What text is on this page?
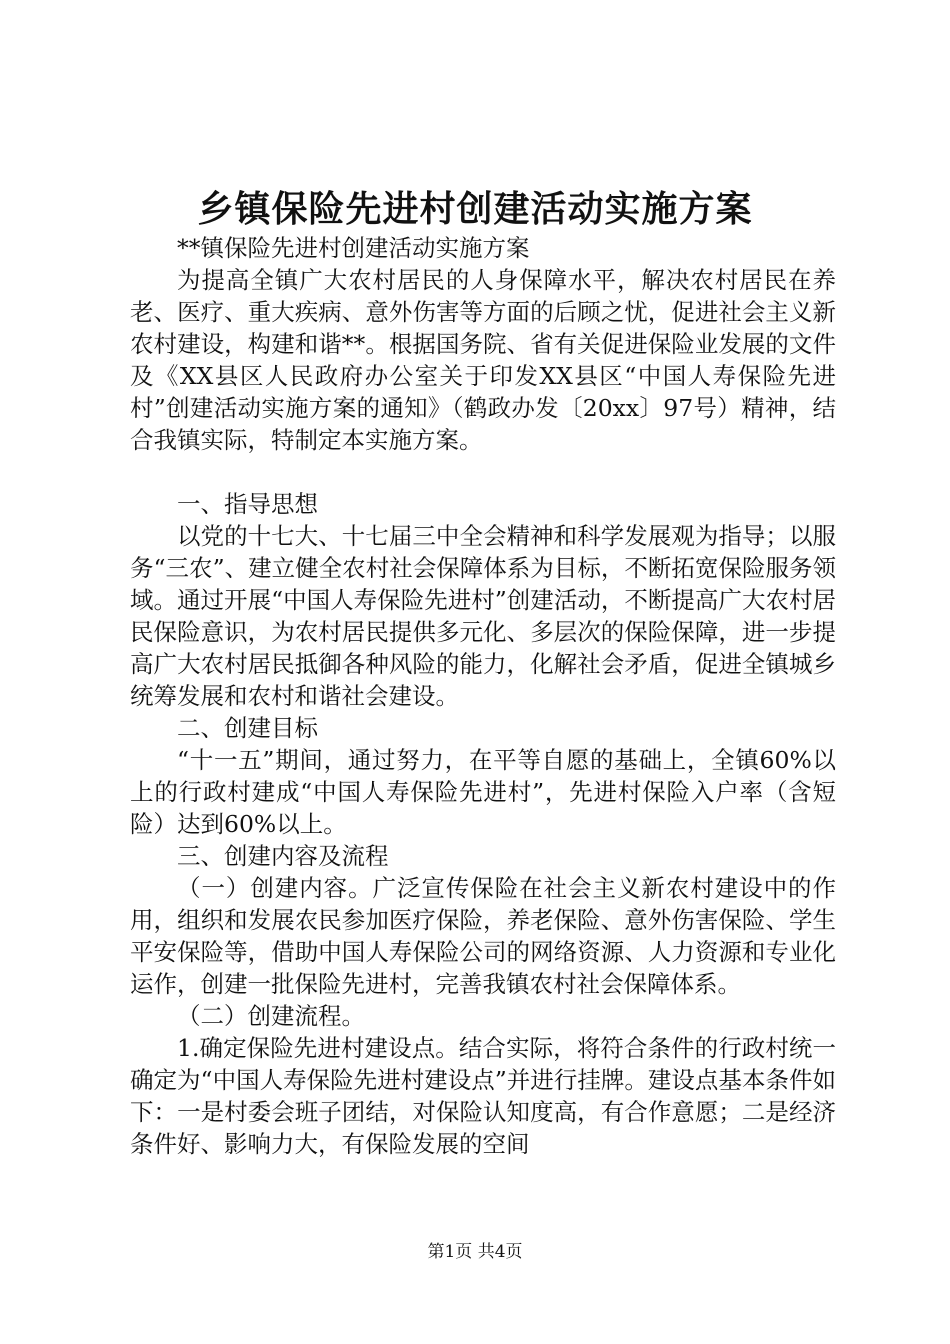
乡镇保险先进村创建活动实施方案

**镇保险先进村创建活动实施方案

为提高全镇广大农村居民的人身保障水平，解决农村居民在养老、医疗、重大疾病、意外伤害等方面的后顾之忧，促进社会主义新农村建设，构建和谐**。根据国务院、省有关促进保险业发展的文件及《XX县区人民政府办公室关于印发XX县区“中国人寿保险先进村”创建活动实施方案的通知》（鹤政办发〔20xx〕97号）精神，结合我镇实际，特制定本实施方案。

一、指导思想

以党的十七大、十七届三中全会精神和科学发展观为指导；以服务“三农”、建立健全农村社会保障体系为目标，不断拓宽保险服务领域。通过开展“中国人寿保险先进村”创建活动，不断提高广大农村居民保险意识，为农村居民提供多元化、多层次的保险保障，进一步提高广大农村居民抵御各种风险的能力，化解社会矛盾，促进全镇城乡统筹发展和农村和谐社会建设。

二、创建目标

“十一五”期间，通过努力，在平等自愿的基础上，全镇60%以上的行政村建成“中国人寿保险先进村”，先进村保险入户率（含短险）达到60%以上。

三、创建内容及流程

（一）创建内容。广泛宣传保险在社会主义新农村建设中的作用，组织和发展农民参加医疗保险，养老保险、意外伤害保险、学生平安保险等，借助中国人寿保险公司的网络资源、人力资源和专业化运作，创建一批保险先进村，完善我镇农村社会保障体系。

（二）创建流程。

1.确定保险先进村建设点。结合实际，将符合条件的行政村统一确定为“中国人寿保险先进村建设点”并进行挂牌。建设点基本条件如下：一是村委会班子团结，对保险认知度高，有合作意愿；二是经济条件好、影响力大，有保险发展的空间

第1页 共4页
